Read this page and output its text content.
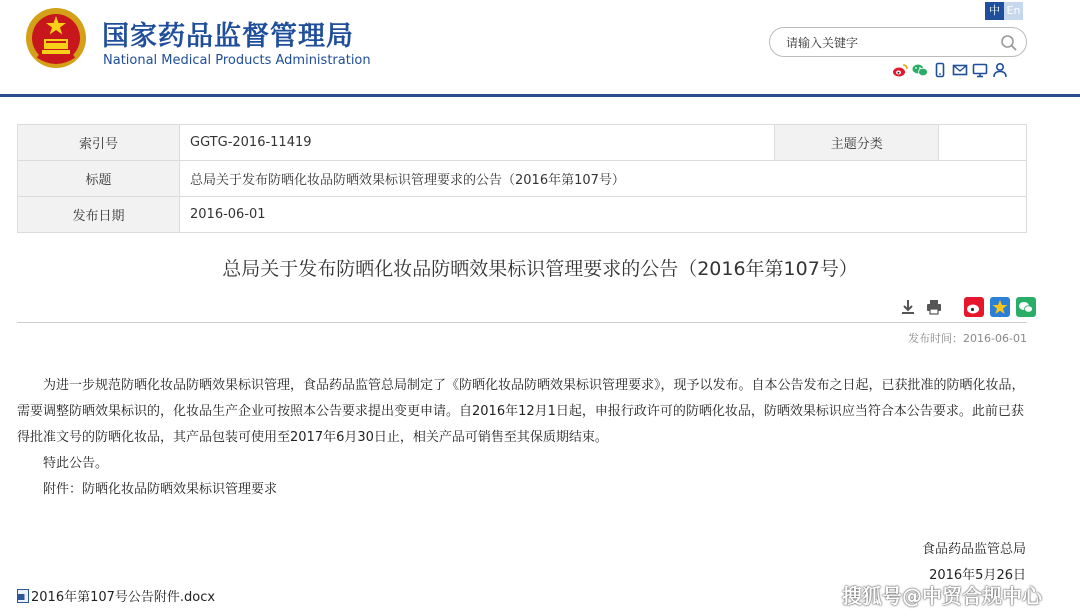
国家药品监督管理局
National Medical Products Administration
中 En
请输入关键字
索引号	GGTG-2016-11419	主题分类	
标题	总局关于发布防晒化妆品防晒效果标识管理要求的公告（2016年第107号）		
发布日期	2016-06-01		
总局关于发布防晒化妆品防晒效果标识管理要求的公告（2016年第107号）
发布时间：2016-06-01

为进一步规范防晒化妆品防晒效果标识管理，食品药品监管总局制定了《防晒化妆品防晒效果标识管理要求》，现予以发布。自本公告发布之日起，已获批准的防晒化妆品，需要调整防晒效果标识的，化妆品生产企业可按照本公告要求提出变更申请。自2016年12月1日起，申报行政许可的防晒化妆品，防晒效果标识应当符合本公告要求。此前已获得批准文号的防晒化妆品，其产品包装可使用至2017年6月30日止，相关产品可销售至其保质期结束。

特此公告。

附件：防晒化妆品防晒效果标识管理要求

食品药品监管总局
2016年5月26日
2016年第107号公告附件.docx	搜狐号@中贸合规中心
